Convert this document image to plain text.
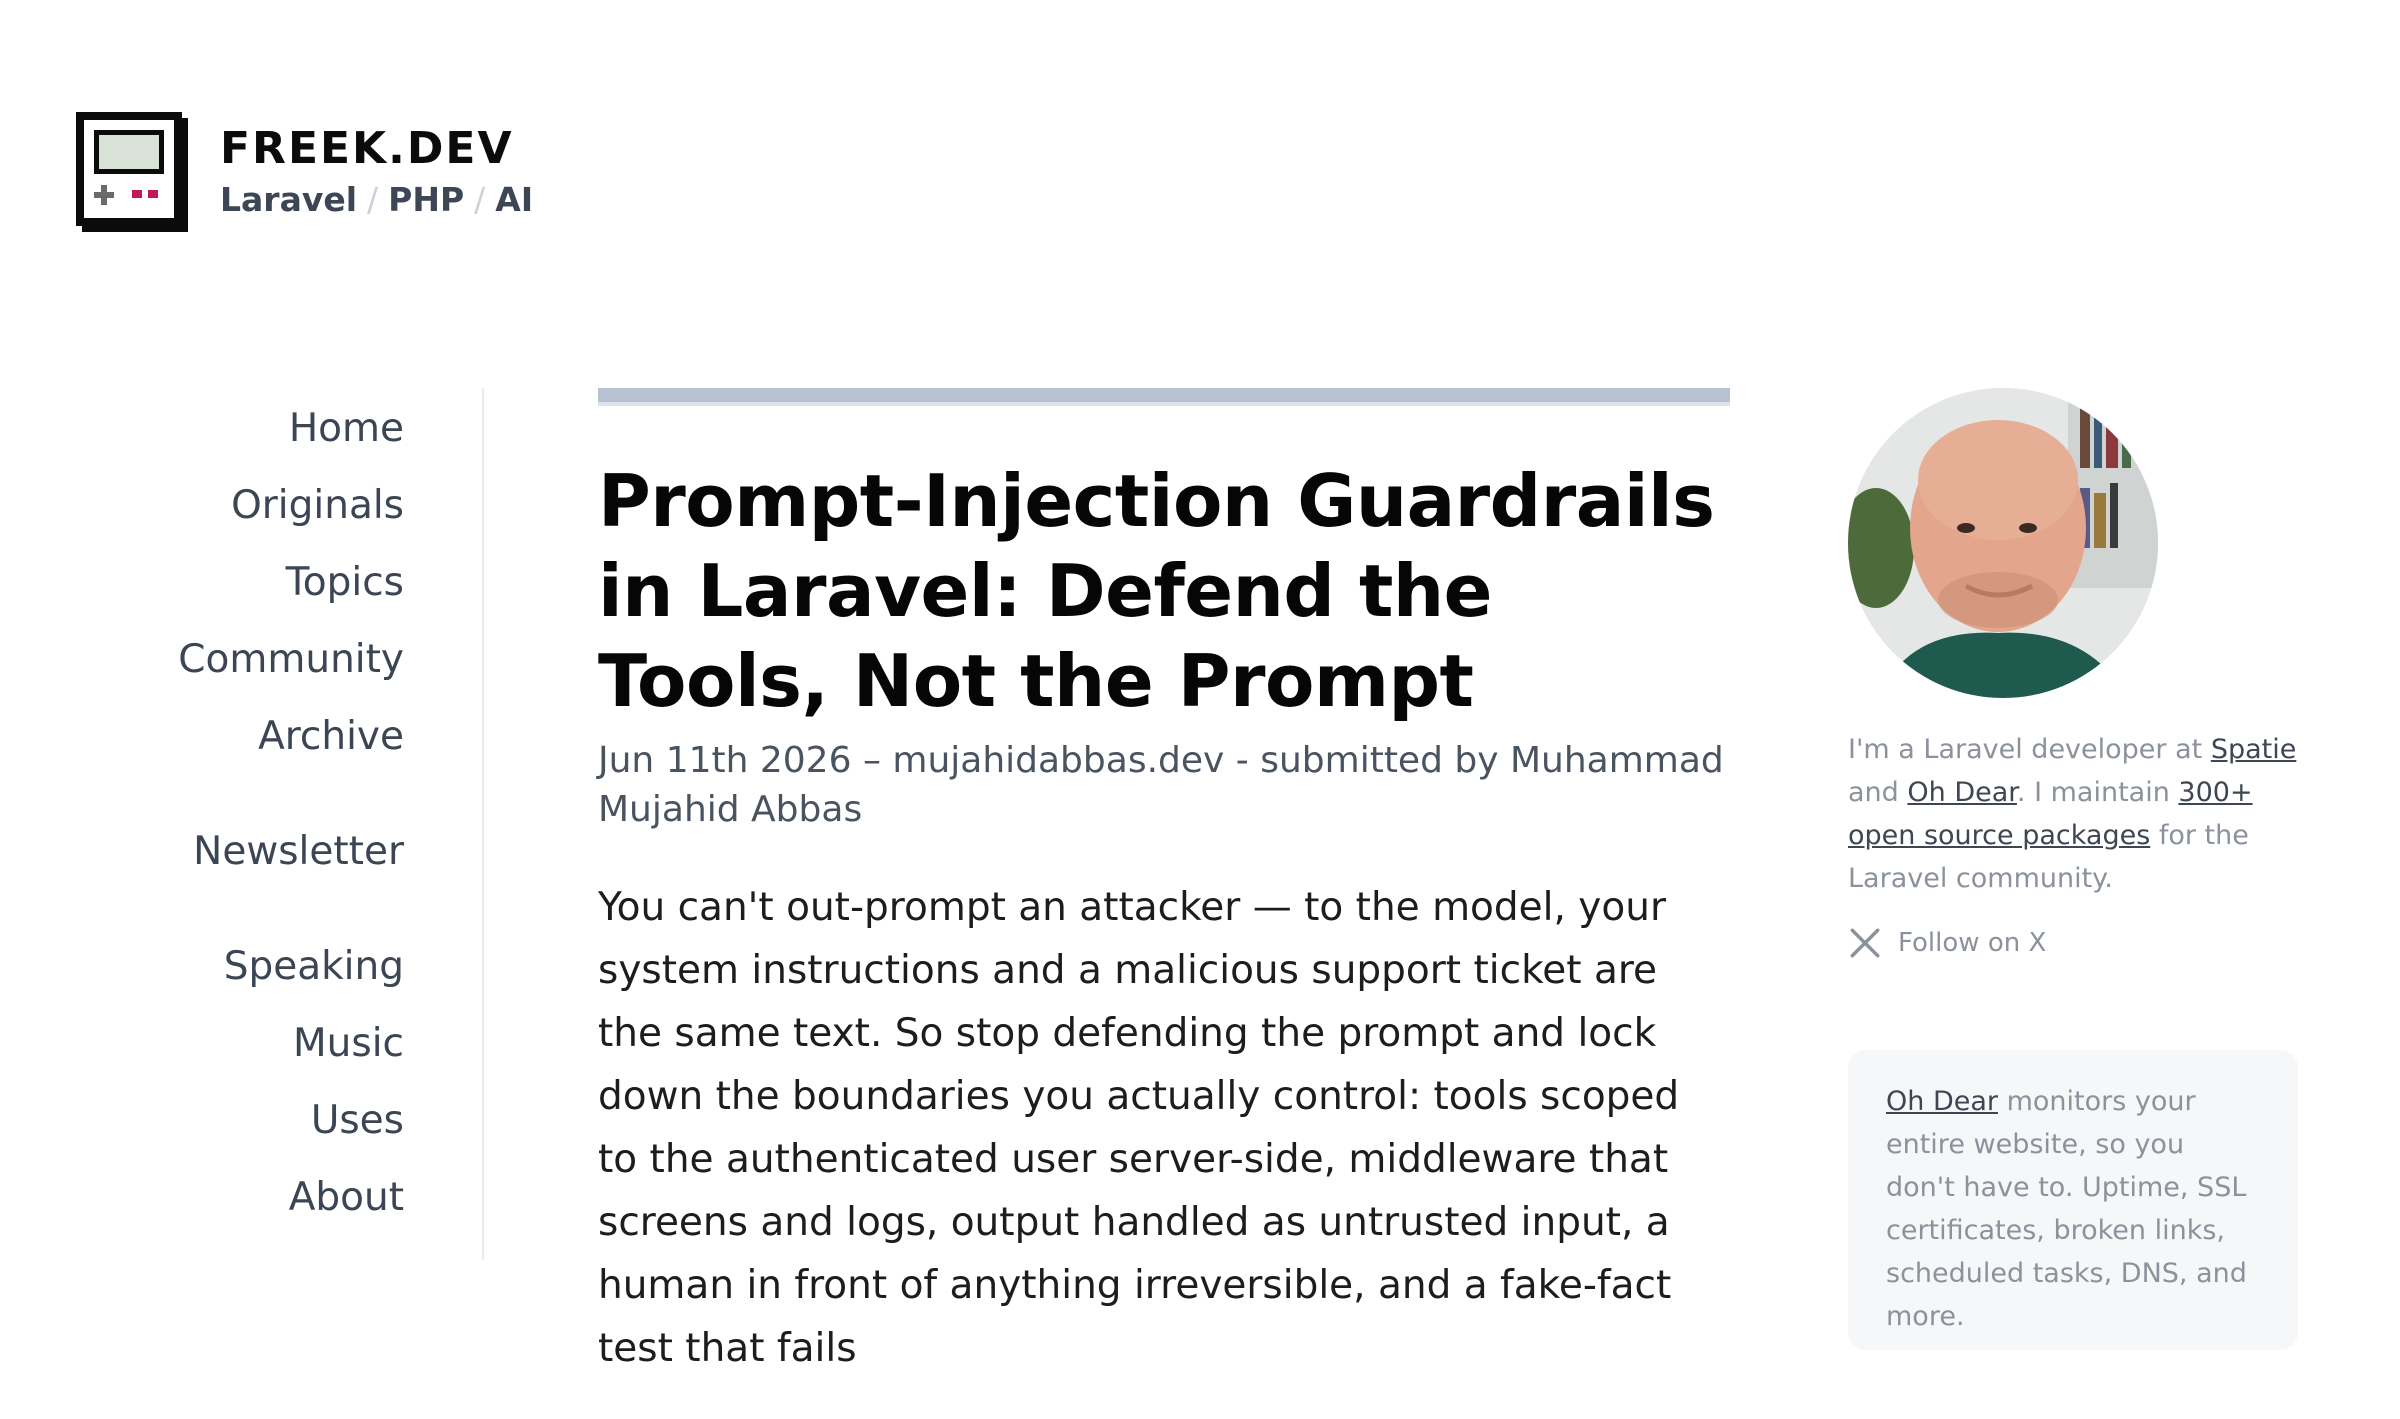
FREEK.DEV
Laravel / PHP / AI
Home
Originals
Topics
Community
Archive
Newsletter
Speaking
Music
Uses
About
Prompt-Injection Guardrails in Laravel: Defend the Tools, Not the Prompt
Jun 11th 2026 – mujahidabbas.dev - submitted by Muhammad Mujahid Abbas

You can't out-prompt an attacker — to the model, your system instructions and a malicious support ticket are the same text. So stop defending the prompt and lock down the boundaries you actually control: tools scoped to the authenticated user server-side, middleware that screens and logs, output handled as untrusted input, a human in front of anything irreversible, and a fake-fact test that fails

I'm a Laravel developer at Spatie and Oh Dear. I maintain 300+ open source packages for the Laravel community.
Follow on X
Oh Dear monitors your entire website, so you don't have to. Uptime, SSL certificates, broken links, scheduled tasks, DNS, and more.
